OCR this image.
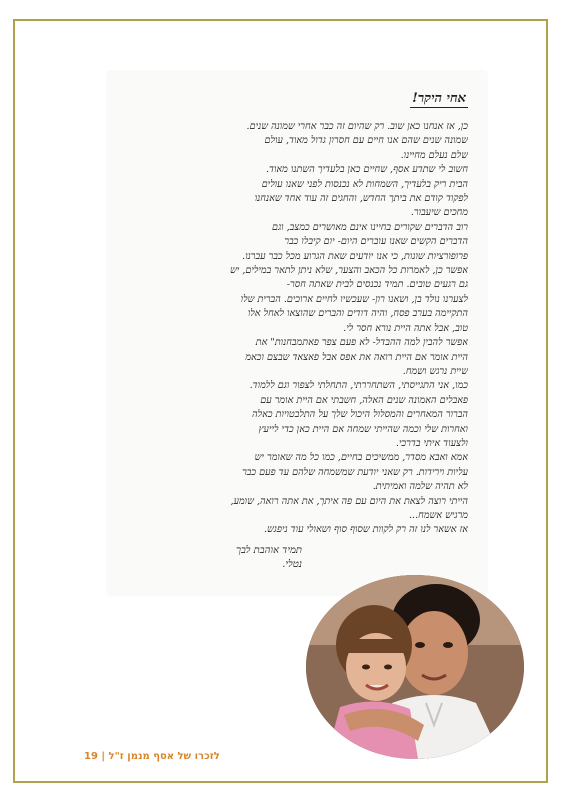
אחי היקר!
כן, אז אנחנו כאן שוב. רק שהיום זה כבר אחרי שמונה שנים.
שמונה שנים שהם אנו חיים עם חסרון גדול מאוד, עולם
שלם נעלם מחיינו.
חשוב לי שתדע אסף, שחיים כאן בלעדיך השתנו מאוד.
הבית ריק בלעדיך, השמחות לא נכנסות לפני שאנו עולים
לפקוד קודם את ביתך החדש, והחגים זה עוד אחד שאנחנו
מחכים שיעבור.
רוב הדברים שקורים בחיינו אינם מאושרים כמצב, וגם
הדברים הקשים שאנו עוברים היום- יום קיבלו כבר
פרופורציות שונות, כי אנו יודעים שאת הגרוע מכל כבר עברנו.
אפשר כן, לאמרות כל הכאב והצער, שלא ניתן לתאר במילים, יש
גם רגעים טובים. תמיד נכנסים לבית שאתה חסר-
לצערנו נולד בן, ושאנו רון- שעכשיו לחיים ארוכים. הברית שלו
התקיימה בערב פסח, והיה דודים והברים שהוצאו לאחל אלו
טוב, אבל אתה היית נורא חסר לי.
אפשר להבין למה ההבדל- לא פעם צפר פאתמבחנות" את
היית אומר אם היית רואה את אפס אבל פאצאד שבצם וכאמ
שיית נרגש ושמח.
כמו, אני התגייסתי, השתחררתי, התחלתי לצפור וגם ללמוד.
פאבלים האמונה שנים האלה, חשבתי אם היית אומר עם
הברור המאחרים והמסלול היכול שלך על התלבטויות כאלה
ואחרות שלי וכמה שהייתי שמחה אם היית כאן כדי לייעץ
ולצעוד איתי בדרכי.
אמא ואבא מסדר, ממשיכים בחיים, כמו כל מה שאומר יש
עליות וירידות. רק שאני יודעת שמשמחה שלהם עד פעם כבר
לא תהיה שלמה ואמיתית.
הייתי רוצה לצאת את היום עם פה איתך, את אתה רואה, שומע,
מרגיש אשמח...
אז אשאר לנו זה רק לקוות שסוף סוף ושאולי עוד ניפגש.
תמיד אוהבת לבך
נטלי.
לזכרו של אסף מנמן ז"ל | 19
